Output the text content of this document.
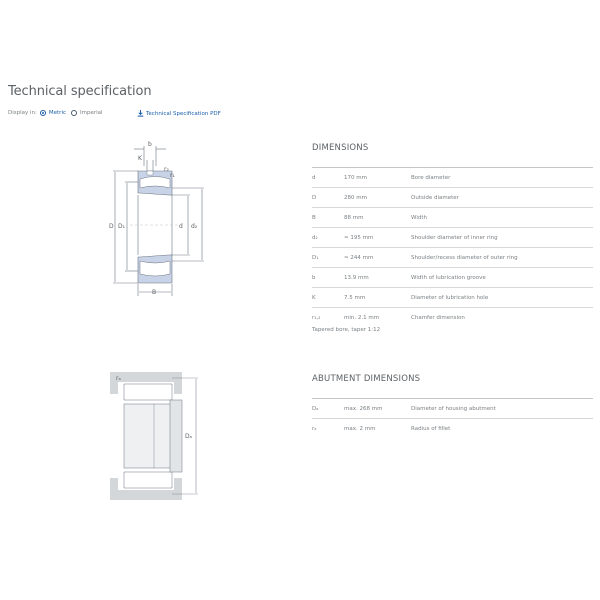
Technical specification
Display in: Metric	Imperial	Technical Specification PDF
b
K
r₂
r₁
D D₁	d d₂
B
rₐ
Dₐ
DIMENSIONS
d	170 mm	Bore diameter
D	280 mm	Outside diameter
B	88 mm	Width
d₂	≈ 195 mm	Shoulder diameter of inner ring
D₁	≈ 244 mm	Shoulder/recess diameter of outer ring
b	13.9 mm	Width of lubrication groove
K	7.5 mm	Diameter of lubrication hole
r₁,₂	min. 2.1 mm	Chamfer dimension
Tapered bore, taper 1:12
ABUTMENT DIMENSIONS
Dₐ	max. 268 mm	Diameter of housing abutment
rₐ	max. 2 mm	Radius of fillet
